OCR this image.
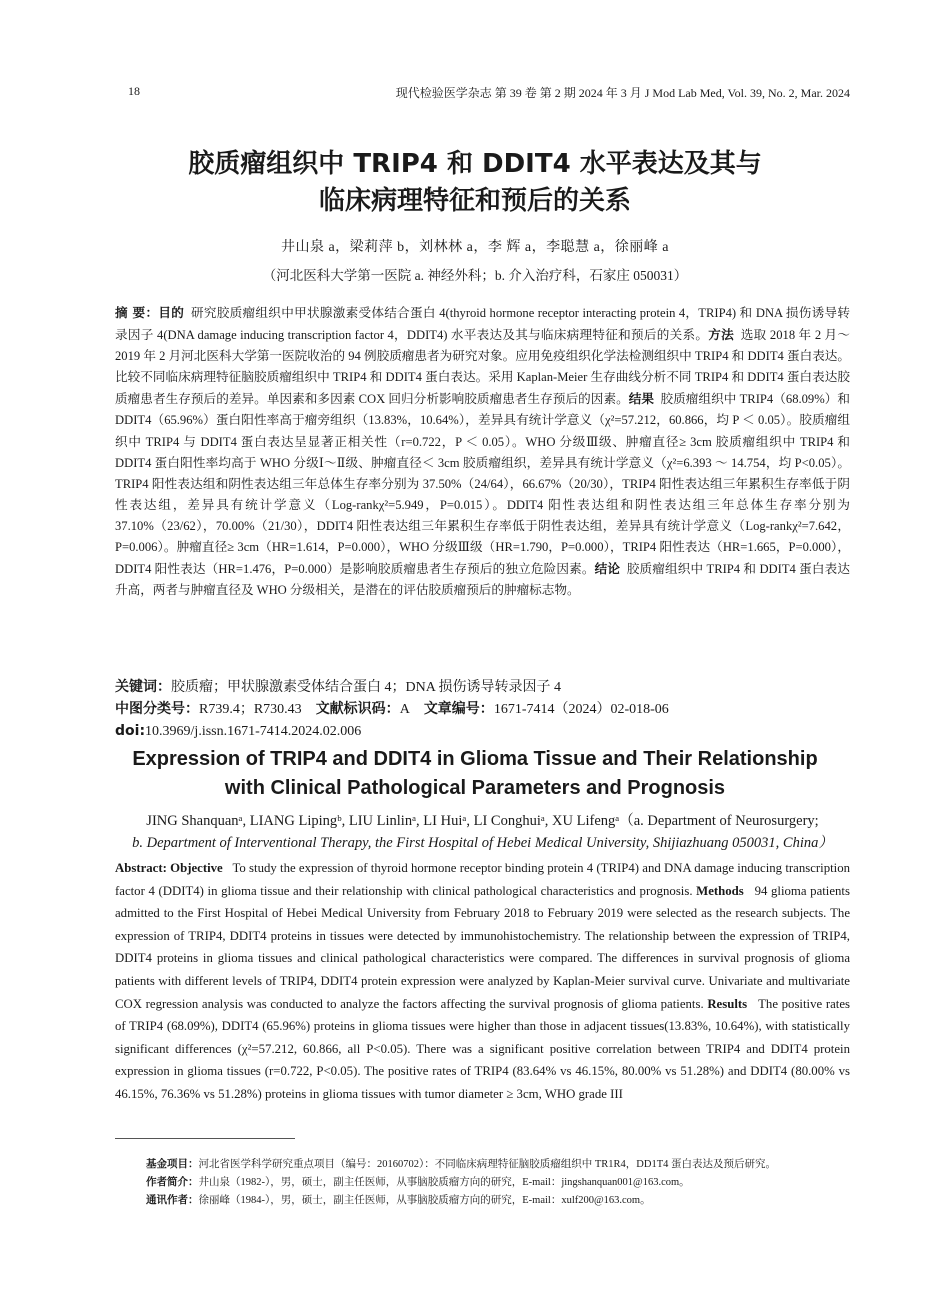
18	现代检验医学杂志 第 39 卷 第 2 期 2024 年 3 月 J Mod Lab Med, Vol. 39, No. 2, Mar. 2024
胶质瘤组织中 TRIP4 和 DDIT4 水平表达及其与
临床病理特征和预后的关系
井山泉 a，梁莉萍 b，刘林林 a，李 辉 a，李聪慧 a，徐丽峰 a
（河北医科大学第一医院 a. 神经外科；b. 介入治疗科，石家庄 050031）
摘 要：目的 研究胶质瘤组织中甲状腺激素受体结合蛋白 4(thyroid hormone receptor interacting protein 4，TRIP4) 和 DNA 损伤诱导转录因子 4(DNA damage inducing transcription factor 4，DDIT4) 水平表达及其与临床病理特征和预后的关系。方法 选取 2018 年 2 月～ 2019 年 2 月河北医科大学第一医院收治的 94 例胶质瘤患者为研究对象。应用免疫组织化学法检测组织中 TRIP4 和 DDIT4 蛋白表达。比较不同临床病理特征脑胶质瘤组织中 TRIP4 和 DDIT4 蛋白表达。采用 Kaplan-Meier 生存曲线分析不同 TRIP4 和 DDIT4 蛋白表达胶质瘤患者生存预后的差异。单因素和多因素 COX 回归分析影响胶质瘤患者生存预后的因素。结果 胶质瘤组织中 TRIP4（68.09%）和 DDIT4（65.96%）蛋白阳性率高于瘤旁组织（13.83%，10.64%），差异具有统计学意义（χ²=57.212，60.866，均 P ＜ 0.05）。胶质瘤组织中 TRIP4 与 DDIT4 蛋白表达呈显著正相关性（r=0.722，P ＜ 0.05）。WHO 分级Ⅲ级、肿瘤直径≥ 3cm 胶质瘤组织中 TRIP4 和 DDIT4 蛋白阳性率均高于 WHO 分级Ⅰ～Ⅱ级、肿瘤直径＜ 3cm 胶质瘤组织，差异具有统计学意义（χ²=6.393 ～ 14.754，均 P<0.05）。TRIP4 阳性表达组和阴性表达组三年总体生存率分别为 37.50%（24/64），66.67%（20/30），TRIP4 阳性表达组三年累积生存率低于阴性表达组，差异具有统计学意义（Log-rankχ²=5.949，P=0.015）。DDIT4 阳性表达组和阴性表达组三年总体生存率分别为 37.10%（23/62），70.00%（21/30），DDIT4 阳性表达组三年累积生存率低于阴性表达组，差异具有统计学意义（Log-rankχ²=7.642，P=0.006）。肿瘤直径≥ 3cm（HR=1.614，P=0.000），WHO 分级Ⅲ级（HR=1.790，P=0.000），TRIP4 阳性表达（HR=1.665，P=0.000），DDIT4 阳性表达（HR=1.476，P=0.000）是影响胶质瘤患者生存预后的独立危险因素。结论 胶质瘤组织中 TRIP4 和 DDIT4 蛋白表达升高，两者与肿瘤直径及 WHO 分级相关，是潜在的评估胶质瘤预后的肿瘤标志物。
关键词：胶质瘤；甲状腺激素受体结合蛋白 4；DNA 损伤诱导转录因子 4
中图分类号：R739.4；R730.43 文献标识码：A 文章编号：1671-7414（2024）02-018-06
doi:10.3969/j.issn.1671-7414.2024.02.006
Expression of TRIP4 and DDIT4 in Glioma Tissue and Their Relationship
with Clinical Pathological Parameters and Prognosis
JING Shanquanᵃ, LIANG Lipingᵇ, LIU Linlinᵃ, LI Huiᵃ, LI Conghuiᵃ, XU Lifengᵃ（a. Department of Neurosurgery;
b. Department of Interventional Therapy, the First Hospital of Hebei Medical University, Shijiazhuang 050031, China）
Abstract: Objective To study the expression of thyroid hormone receptor binding protein 4 (TRIP4) and DNA damage inducing transcription factor 4 (DDIT4) in glioma tissue and their relationship with clinical pathological characteristics and prognosis. Methods 94 glioma patients admitted to the First Hospital of Hebei Medical University from February 2018 to February 2019 were selected as the research subjects. The expression of TRIP4, DDIT4 proteins in tissues were detected by immunohistochemistry. The relationship between the expression of TRIP4, DDIT4 proteins in glioma tissues and clinical pathological characteristics were compared. The differences in survival prognosis of glioma patients with different levels of TRIP4, DDIT4 protein expression were analyzed by Kaplan-Meier survival curve. Univariate and multivariate COX regression analysis was conducted to analyze the factors affecting the survival prognosis of glioma patients. Results The positive rates of TRIP4 (68.09%), DDIT4 (65.96%) proteins in glioma tissues were higher than those in adjacent tissues(13.83%, 10.64%), with statistically significant differences (χ²=57.212, 60.866, all P<0.05). There was a significant positive correlation between TRIP4 and DDIT4 protein expression in glioma tissues (r=0.722, P<0.05). The positive rates of TRIP4 (83.64% vs 46.15%, 80.00% vs 51.28%) and DDIT4 (80.00% vs 46.15%, 76.36% vs 51.28%) proteins in glioma tissues with tumor diameter ≥ 3cm, WHO grade III
基金项目：河北省医学科学研究重点项目（编号：20160702）：不同临床病理特征脑胶质瘤组织中 TR1R4，DD1T4 蛋白表达及预后研究。
作者简介：井山泉（1982-），男，硕士，副主任医师，从事脑胶质瘤方向的研究，E-mail：jingshanquan001@163.com。
通讯作者：徐丽峰（1984-），男，硕士，副主任医师，从事脑胶质瘤方向的研究，E-mail：xulf200@163.com。
